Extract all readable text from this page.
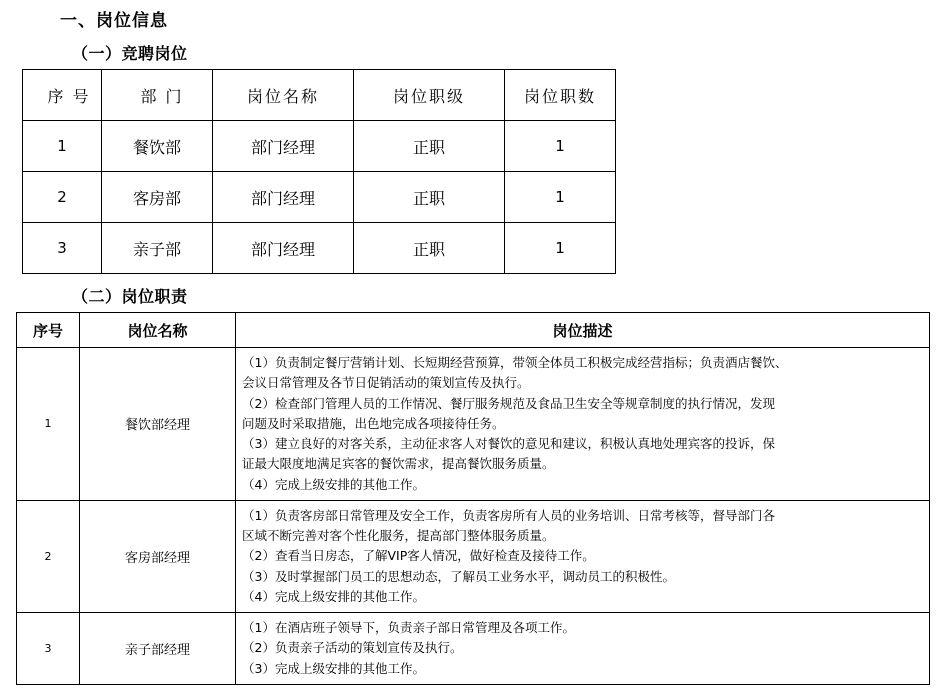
一、岗位信息
（一）竞聘岗位
序 号	部 门	岗位名称	岗位职级	岗位职数
1	餐饮部	部门经理	正职	1
2	客房部	部门经理	正职	1
3	亲子部	部门经理	正职	1
（二）岗位职责
序号	岗位名称	岗位描述
1	餐饮部经理	

（1）负责制定餐厅营销计划、长短期经营预算，带领全体员工积极完成经营指标；负责酒店餐饮、

会议日常管理及各节日促销活动的策划宣传及执行。

（2）检查部门管理人员的工作情况、餐厅服务规范及食品卫生安全等规章制度的执行情况，发现

问题及时采取措施，出色地完成各项接待任务。

（3）建立良好的对客关系，主动征求客人对餐饮的意见和建议，积极认真地处理宾客的投诉，保

证最大限度地满足宾客的餐饮需求，提高餐饮服务质量。

（4）完成上级安排的其他工作。

2	客房部经理	（1）负责客房部日常管理及安全工作，负责客房所有人员的业务培训、日常考核等，督导部门各

区域不断完善对客个性化服务，提高部门整体服务质量。

（2）查看当日房态，了解VIP客人情况，做好检查及接待工作。

（3）及时掌握部门员工的思想动态，了解员工业务水平，调动员工的积极性。

（4）完成上级安排的其他工作。

3	亲子部经理	（1）在酒店班子领导下，负责亲子部日常管理及各项工作。

（2）负责亲子活动的策划宣传及执行。

（3）完成上级安排的其他工作。
